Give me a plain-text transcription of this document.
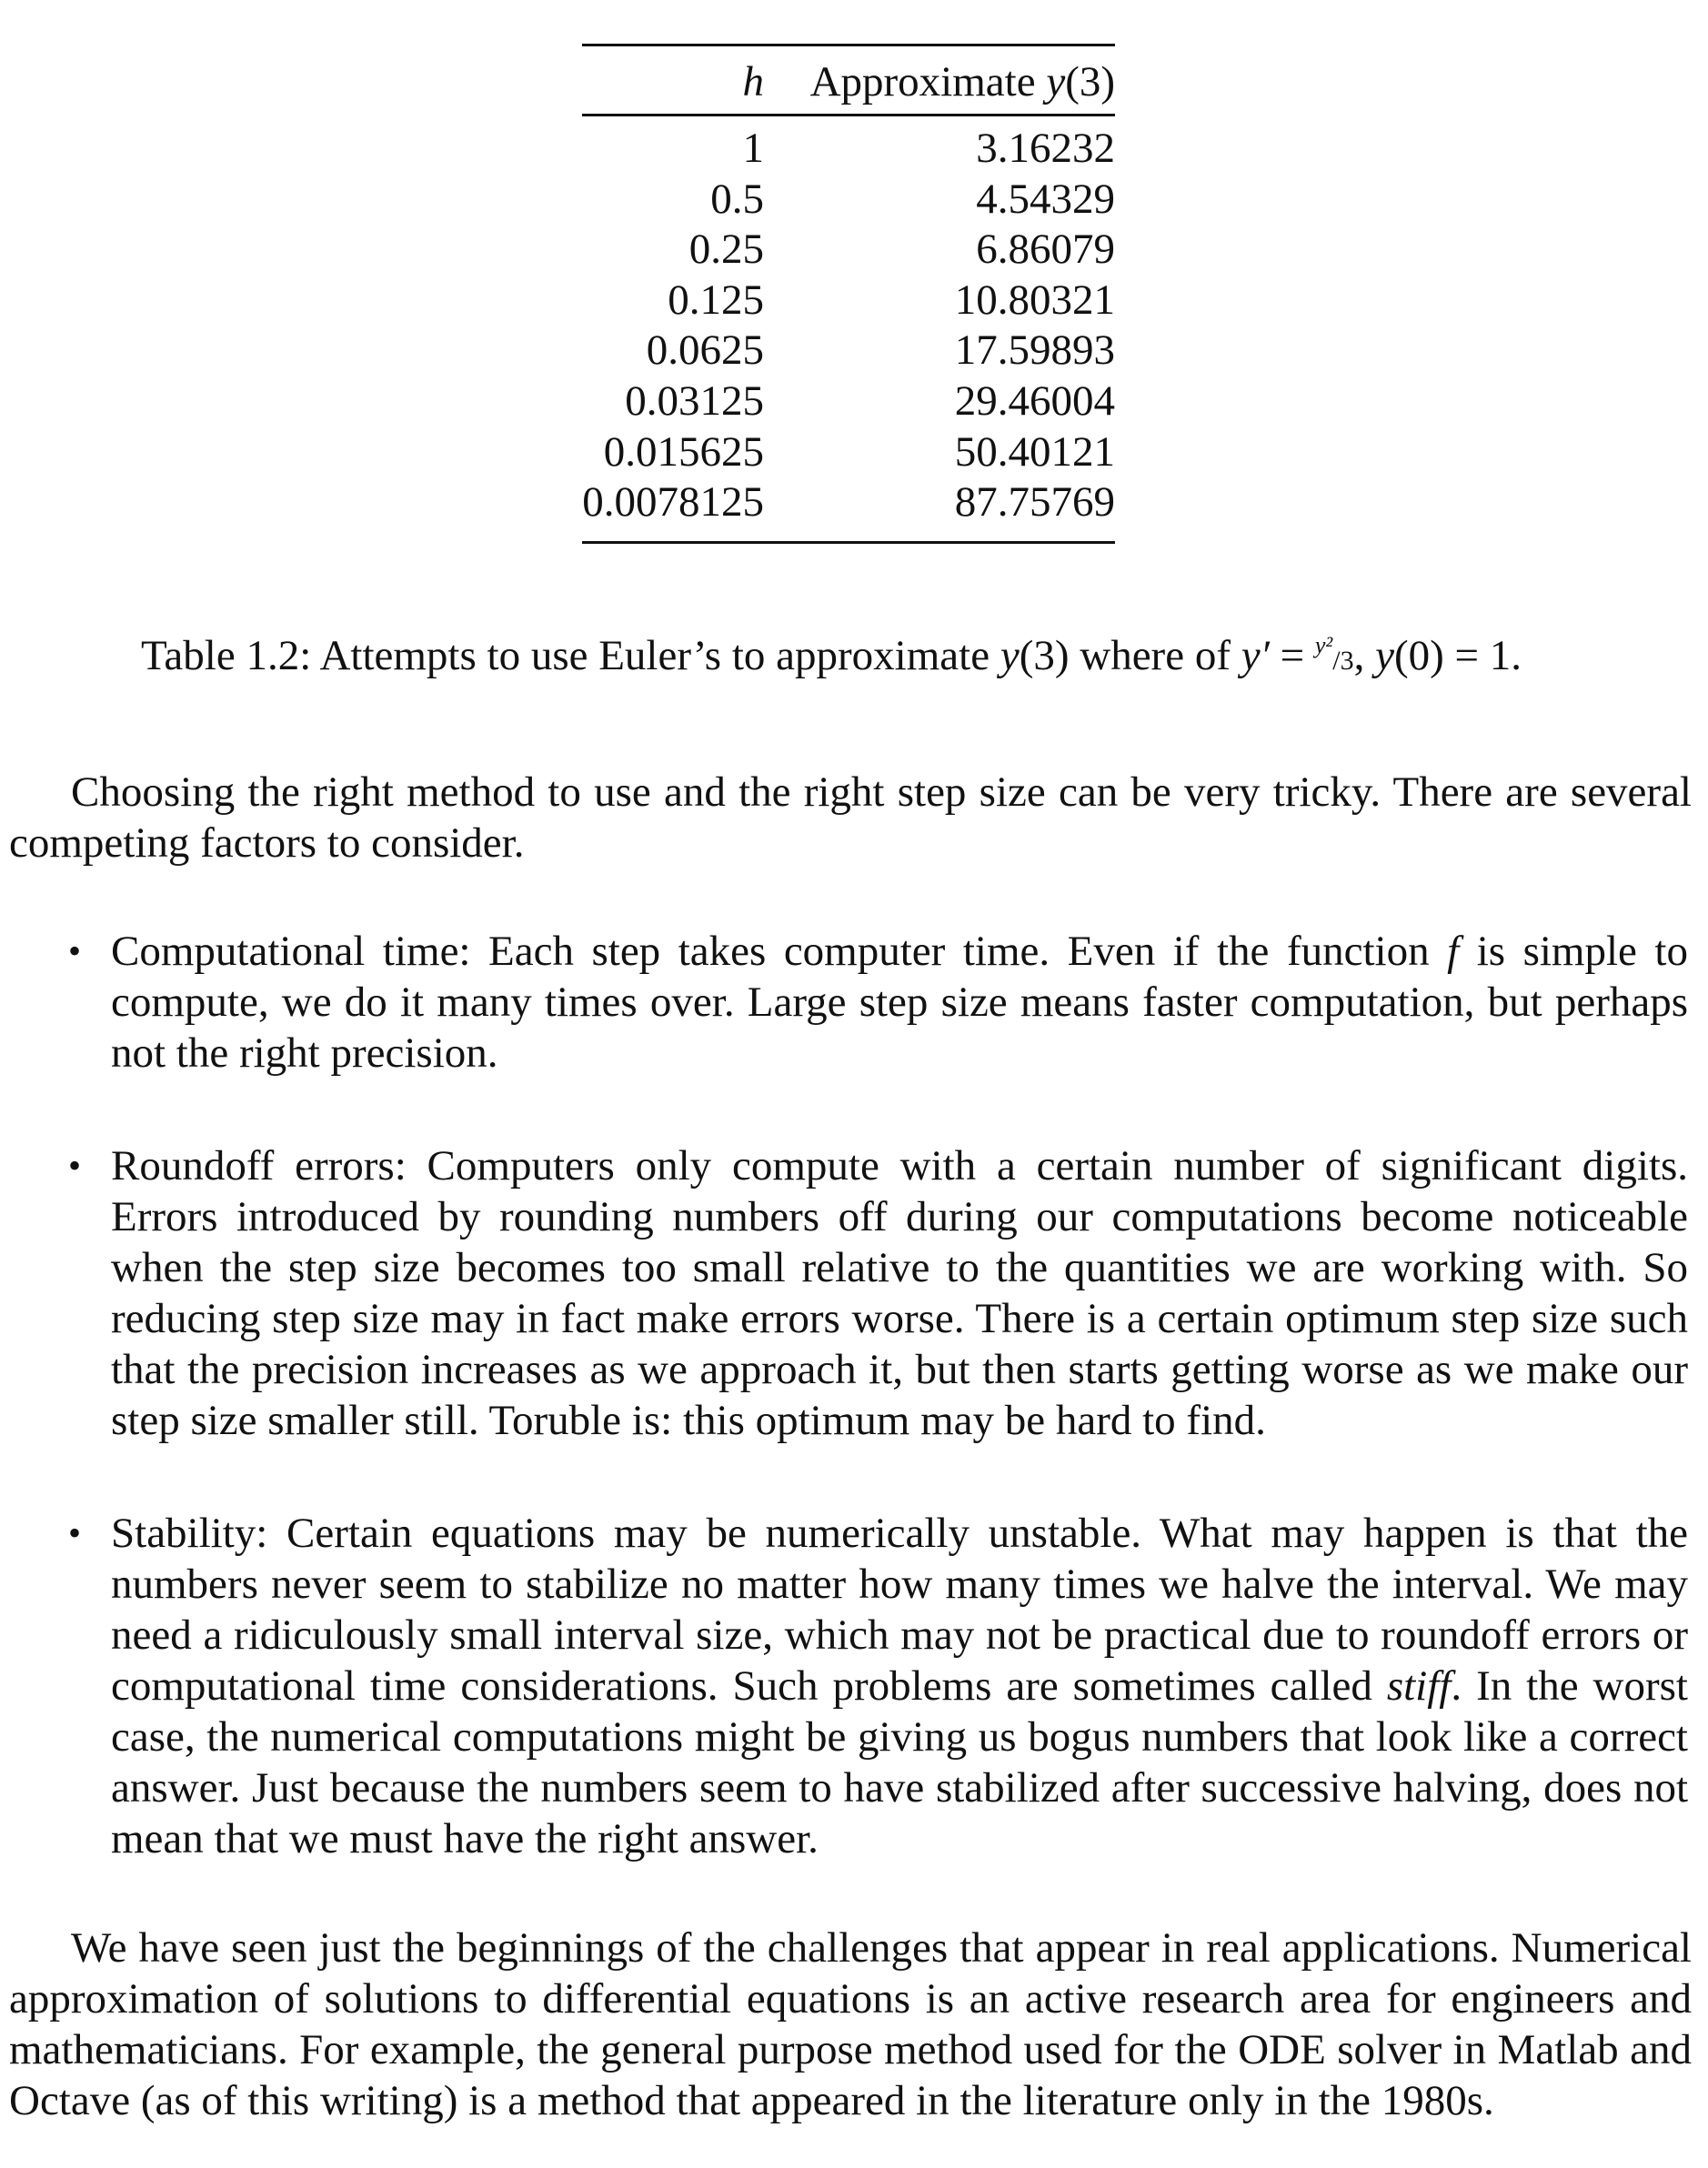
h	Approximate y(3)
1	3.16232
0.5	4.54329
0.25	6.86079
0.125	10.80321
0.0625	17.59893
0.03125	29.46004
0.015625	50.40121
0.0078125	87.75769
Table 1.2: Attempts to use Euler’s to approximate y(3) where of y′ = $^{y^2}$/3, y(0) = 1.

Choosing the right method to use and the right step size can be very tricky. There are several competing factors to consider.

• Computational time: Each step takes computer time. Even if the function f is simple to compute, we do it many times over. Large step size means faster computation, but perhaps not the right precision.
• Roundoff errors: Computers only compute with a certain number of significant digits. Errors introduced by rounding numbers off during our computations become noticeable when the step size becomes too small relative to the quantities we are working with. So reducing step size may in fact make errors worse. There is a certain optimum step size such that the precision increases as we approach it, but then starts getting worse as we make our step size smaller still. Toruble is: this optimum may be hard to find.
• Stability: Certain equations may be numerically unstable. What may happen is that the numbers never seem to stabilize no matter how many times we halve the interval. We may need a ridiculously small interval size, which may not be practical due to roundoff errors or computational time considerations. Such problems are sometimes called stiff. In the worst case, the numerical computations might be giving us bogus numbers that look like a correct answer. Just because the numbers seem to have stabilized after successive halving, does not mean that we must have the right answer.

We have seen just the beginnings of the challenges that appear in real applications. Numerical approximation of solutions to differential equations is an active research area for engineers and mathematicians. For example, the general purpose method used for the ODE solver in Matlab and Octave (as of this writing) is a method that appeared in the literature only in the 1980s.
